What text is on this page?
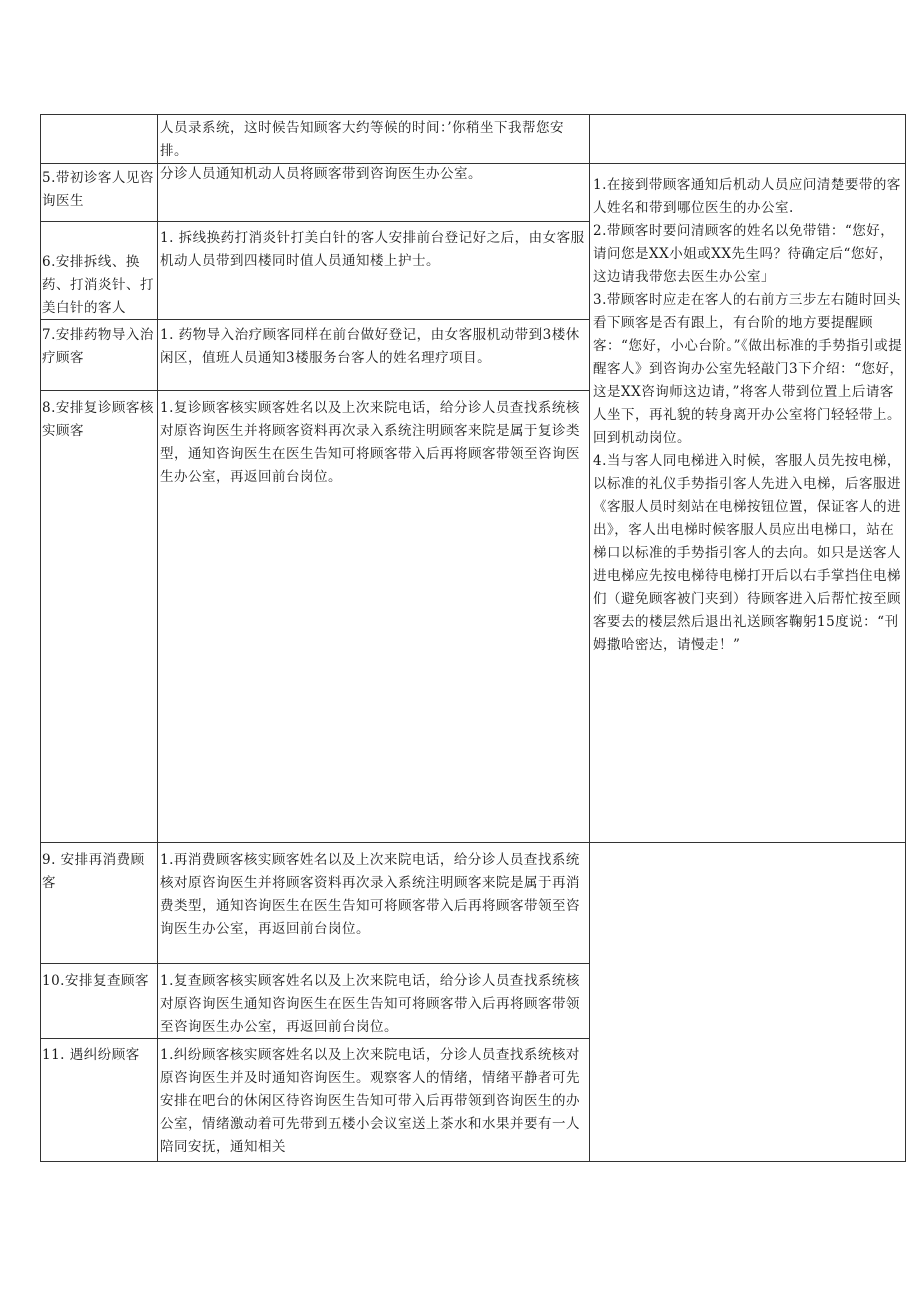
人员录系统，这时候告知顾客大约等候的时间：’你稍坐下我帮您安排。
5.带初诊客人见咨询医生
分诊人员通知机动人员将顾客带到咨询医生办公室。
6.安排拆线、换药、打消炎针、打美白针的客人
1. 拆线换药打消炎针打美白针的客人安排前台登记好之后，由女客服机动人员带到四楼同时值人员通知楼上护士。
7.安排药物导入治疗顾客
1. 药物导入治疗顾客同样在前台做好登记，由女客服机动带到3楼休闲区，值班人员通知3楼服务台客人的姓名理疗项目。
8.安排复诊顾客核实顾客
1.复诊顾客核实顾客姓名以及上次来院电话，给分诊人员查找系统核对原咨询医生并将顾客资料再次录入系统注明顾客来院是属于复诊类型，通知咨询医生在医生告知可将顾客带入后再将顾客带领至咨询医生办公室，再返回前台岗位。
1.在接到带顾客通知后机动人员应问清楚要带的客人姓名和带到哪位医生的办公室.
2.带顾客时要问清顾客的姓名以免带错：“您好，请问您是XX小姐或XX先生吗？待确定后“您好，这边请我带您去医生办公室」
3.带顾客时应走在客人的右前方三步左右随时回头看下顾客是否有跟上，有台阶的地方要提醒顾客：“您好，小心台阶。”《做出标准的手势指引或提醒客人》到咨询办公室先轻敲门3下介绍：“您好，这是XX咨询师这边请，”将客人带到位置上后请客人坐下，再礼貌的转身离开办公室将门轻轻带上。回到机动岗位。
4.当与客人同电梯进入时候，客服人员先按电梯，以标准的礼仪手势指引客人先进入电梯，后客服进《客服人员时刻站在电梯按钮位置，保证客人的进出》，客人出电梯时候客服人员应出电梯口，站在梯口以标准的手势指引客人的去向。如只是送客人进电梯应先按电梯待电梯打开后以右手掌挡住电梯们（避免顾客被门夹到）待顾客进入后帮忙按至顾客要去的楼层然后退出礼送顾客鞠躬15度说：“刊姆撒哈密达，请慢走！”
9. 安排再消费顾客
1.再消费顾客核实顾客姓名以及上次来院电话，给分诊人员查找系统核对原咨询医生并将顾客资料再次录入系统注明顾客来院是属于再消费类型，通知咨询医生在医生告知可将顾客带入后再将顾客带领至咨询医生办公室，再返回前台岗位。
10.安排复查顾客 1.复查顾客核实顾客姓名以及上次来院电话，给分诊人员查找系统核对原咨询医生通知咨询医生在医生告知可将顾客带入后再将顾客带领至咨询医生办公室，再返回前台岗位。
11. 遇纠纷顾客	1.纠纷顾客核实顾客姓名以及上次来院电话，分诊人员查找系统核对原咨询医生并及时通知咨询医生。观察客人的情绪，情绪平静者可先安排在吧台的休闲区待咨询医生告知可带入后再带领到咨询医生的办公室，情绪激动着可先带到五楼小会议室送上茶水和水果并要有一人陪同安抚，通知相关
